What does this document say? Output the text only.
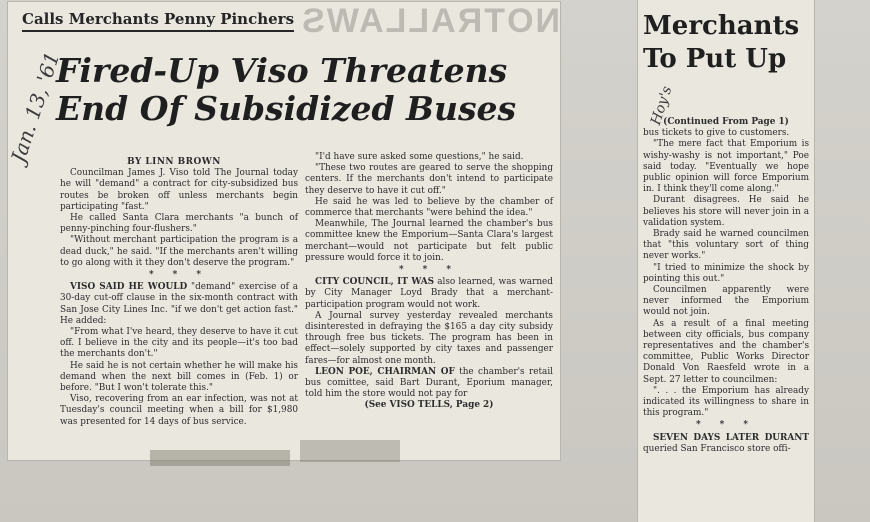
NOTRALLAWS
Calls Merchants Penny Pinchers
Fired-Up Viso Threatens End Of Subsidized Buses
Jan. 13, '61	BY LINN BROWN

Councilman James J. Viso told The Journal today he will "demand" a contract for city-subsidized bus routes be broken off unless merchants begin participating "fast."

He called Santa Clara merchants "a bunch of penny-pinching four-flushers."

"Without merchant participation the program is a dead duck," he said. "If the merchants aren't willing to go along with it they don't deserve the program."

* * *

VISO SAID HE WOULD "demand" exercise of a 30-day cut-off clause in the six-month contract with San Jose City Lines Inc. "if we don't get action fast." He added:

"From what I've heard, they deserve to have it cut off. I believe in the city and its people—it's too bad the merchants don't."

He said he is not certain whether he will make his demand when the next bill comes in (Feb. 1) or before. "But I won't tolerate this."

Viso, recovering from an ear infection, was not at Tuesday's council meeting when a bill for $1,980 was presented for 14 days of bus service.

"I'd have sure asked some questions," he said.

"These two routes are geared to serve the shopping centers. If the merchants don't intend to participate they deserve to have it cut off."

He said he was led to believe by the chamber of commerce that merchants "were behind the idea."

Meanwhile, The Journal learned the chamber's bus committee knew the Emporium—Santa Clara's largest merchant—would not participate but felt public pressure would force it to join.

* * *

CITY COUNCIL, IT WAS also learned, was warned by City Manager Loyd Brady that a merchant-participation program would not work.

A Journal survey yesterday revealed merchants disinterested in defraying the $165 a day city subsidy through free bus tickets. The program has been in effect—solely supported by city taxes and passenger fares—for almost one month.

LEON POE, CHAIRMAN OF the chamber's retail bus comittee, said Bart Durant, Eporium manager, told him the store would not pay for

(See VISO TELLS, Page 2)

Merchants To Put Up
Hoy's

(Continued From Page 1)

bus tickets to give to customers.

"The mere fact that Emporium is wishy-washy is not important," Poe said today. "Eventually we hope public opinion will force Emporium in. I think they'll come along."

Durant disagrees. He said he believes his store will never join in a validation system.

Brady said he warned councilmen that "this voluntary sort of thing never works."

"I tried to minimize the shock by pointing this out."

Councilmen apparently were never informed the Emporium would not join.

As a result of a final meeting between city officials, bus company representatives and the chamber's committee, Public Works Director Donald Von Raesfeld wrote in a Sept. 27 letter to councilmen:

". . . the Emporium has already indicated its willingness to share in this program."

* * *

SEVEN DAYS LATER DURANT queried San Francisco store offi-
